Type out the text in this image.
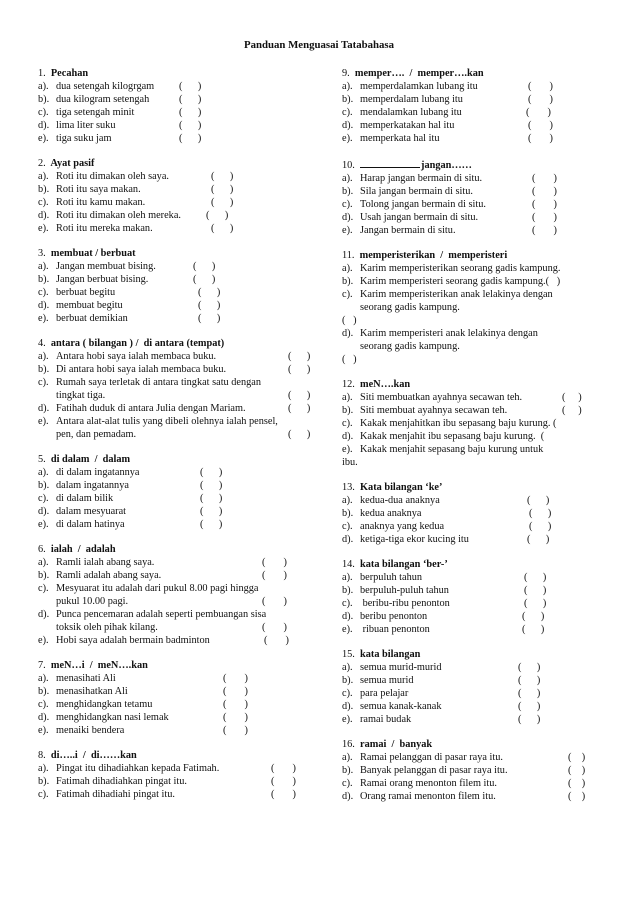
Panduan Menguasai Tatabahasa
1. Pecahan
a). dua setengah kilogrgam (      )
b). dua kilogram setengah	(      )
c). tiga setengah minit	(      )
d). lima liter suku	(      )
e). tiga suku jam	(      )
2. Ayat pasif
a). Roti itu dimakan oleh saya.	(      )
b). Roti itu saya makan.	(      )
c). Roti itu kamu makan.	(      )
d). Roti itu dimakan oleh mereka. (      )
e). Roti itu mereka makan.	(      )
3. membuat / berbuat
a). Jangan membuat bising.	(      )
b). Jangan berbuat bising.	(      )
c). berbuat begitu	(      )
d). membuat begitu	(      )
e). berbuat demikian	(      )
4. antara ( bilangan ) /  di antara (tempat)
a). Antara hobi saya ialah membaca buku.	(      )
b). Di antara hobi saya ialah membaca buku.	(      )
c). Rumah saya terletak di antara tingkat satu dengan
tingkat tiga.	(      )
d). Fatihah duduk di antara Julia dengan Mariam.	(      )
e). Antara alat-alat tulis yang dibeli olehnya ialah pensel,
pen, dan pemadam.	(      )
5. di dalam  /  dalam
a). di dalam ingatannya	(      )
b). dalam ingatannya	(      )
c). di dalam bilik	(      )
d). dalam mesyuarat	(      )
e). di dalam hatinya	(      )
6. ialah  /  adalah
a). Ramli ialah abang saya.	(       )
b). Ramli adalah abang saya.	(       )
c). Mesyuarat itu adalah dari pukul 8.00 pagi hingga
pukul 10.00 pagi.	(       )
d). Punca pencemaran adalah seperti pembuangan sisa
toksik oleh pihak kilang.	(       )
e). Hobi saya adalah bermain badminton	(       )
7. meN…i  /  meN….kan
a). menasihati Ali	(       )
b). menasihatkan Ali	(       )
c). menghidangkan tetamu	(       )
d). menghidangkan nasi lemak	(       )
e). menaiki bendera	(       )
8. di…..i  /  di……kan
a). Pingat itu dihadiahkan kepada Fatimah.	(       )
b). Fatimah dihadiahkan pingat itu.	(       )
c). Fatimah dihadiahi pingat itu.	(       )
9. memper….  /  memper….kan
a). memperdalamkan lubang itu	(       )
b). memperdalam lubang itu	(       )
c). mendalamkan lubang itu	(       )
d). memperkatakan hal itu	(       )
e). memperkata hal itu	(       )
10.	jangan……
a). Harap jangan bermain di situ.	(       )
b). Sila jangan bermain di situ.	(       )
c). Tolong jangan bermain di situ.	(       )
d). Usah jangan bermain di situ.	(       )
e). Jangan bermain di situ.	(       )
11. memperisterikan  /  memperisteri
a). Karim memperisterikan seorang gadis kampung.
b). Karim memperisteri seorang gadis kampung.(   )
c). Karim memperisterikan anak lelakinya dengan
seorang gadis kampung.
(   )
d). Karim memperisteri anak lelakinya dengan
seorang gadis kampung.
(   )
12. meN….kan
a). Siti membuatkan ayahnya secawan teh.	(     )
b). Siti membuat ayahnya secawan teh.	(     )
c). Kakak menjahitkan ibu sepasang baju kurung. (
d). Kakak menjahit ibu sepasang baju kurung.  (
e). Kakak menjahit sepasang baju kurung untuk
ibu.
13. Kata bilangan ‘ke’
a). kedua-dua anaknya	(      )
b). kedua anaknya	(      )
c). anaknya yang kedua	(      )
d). ketiga-tiga ekor kucing itu	(      )
14. kata bilangan ‘ber-’
a). berpuluh tahun	(      )
b). berpuluh-puluh tahun	(      )
c). beribu-ribu penonton	(      )
d). beribu penonton	(      )
e). ribuan penonton	(      )
15. kata bilangan
a). semua murid-murid	(      )
b). semua murid	(      )
c). para pelajar	(      )
d). semua kanak-kanak	(      )
e). ramai budak	(      )
16. ramai  /  banyak
a). Ramai pelanggan di pasar raya itu.	(    )
b). Banyak pelanggan di pasar raya itu.	(    )
c). Ramai orang menonton filem itu.	(    )
d). Orang ramai menonton filem itu.	(    )
